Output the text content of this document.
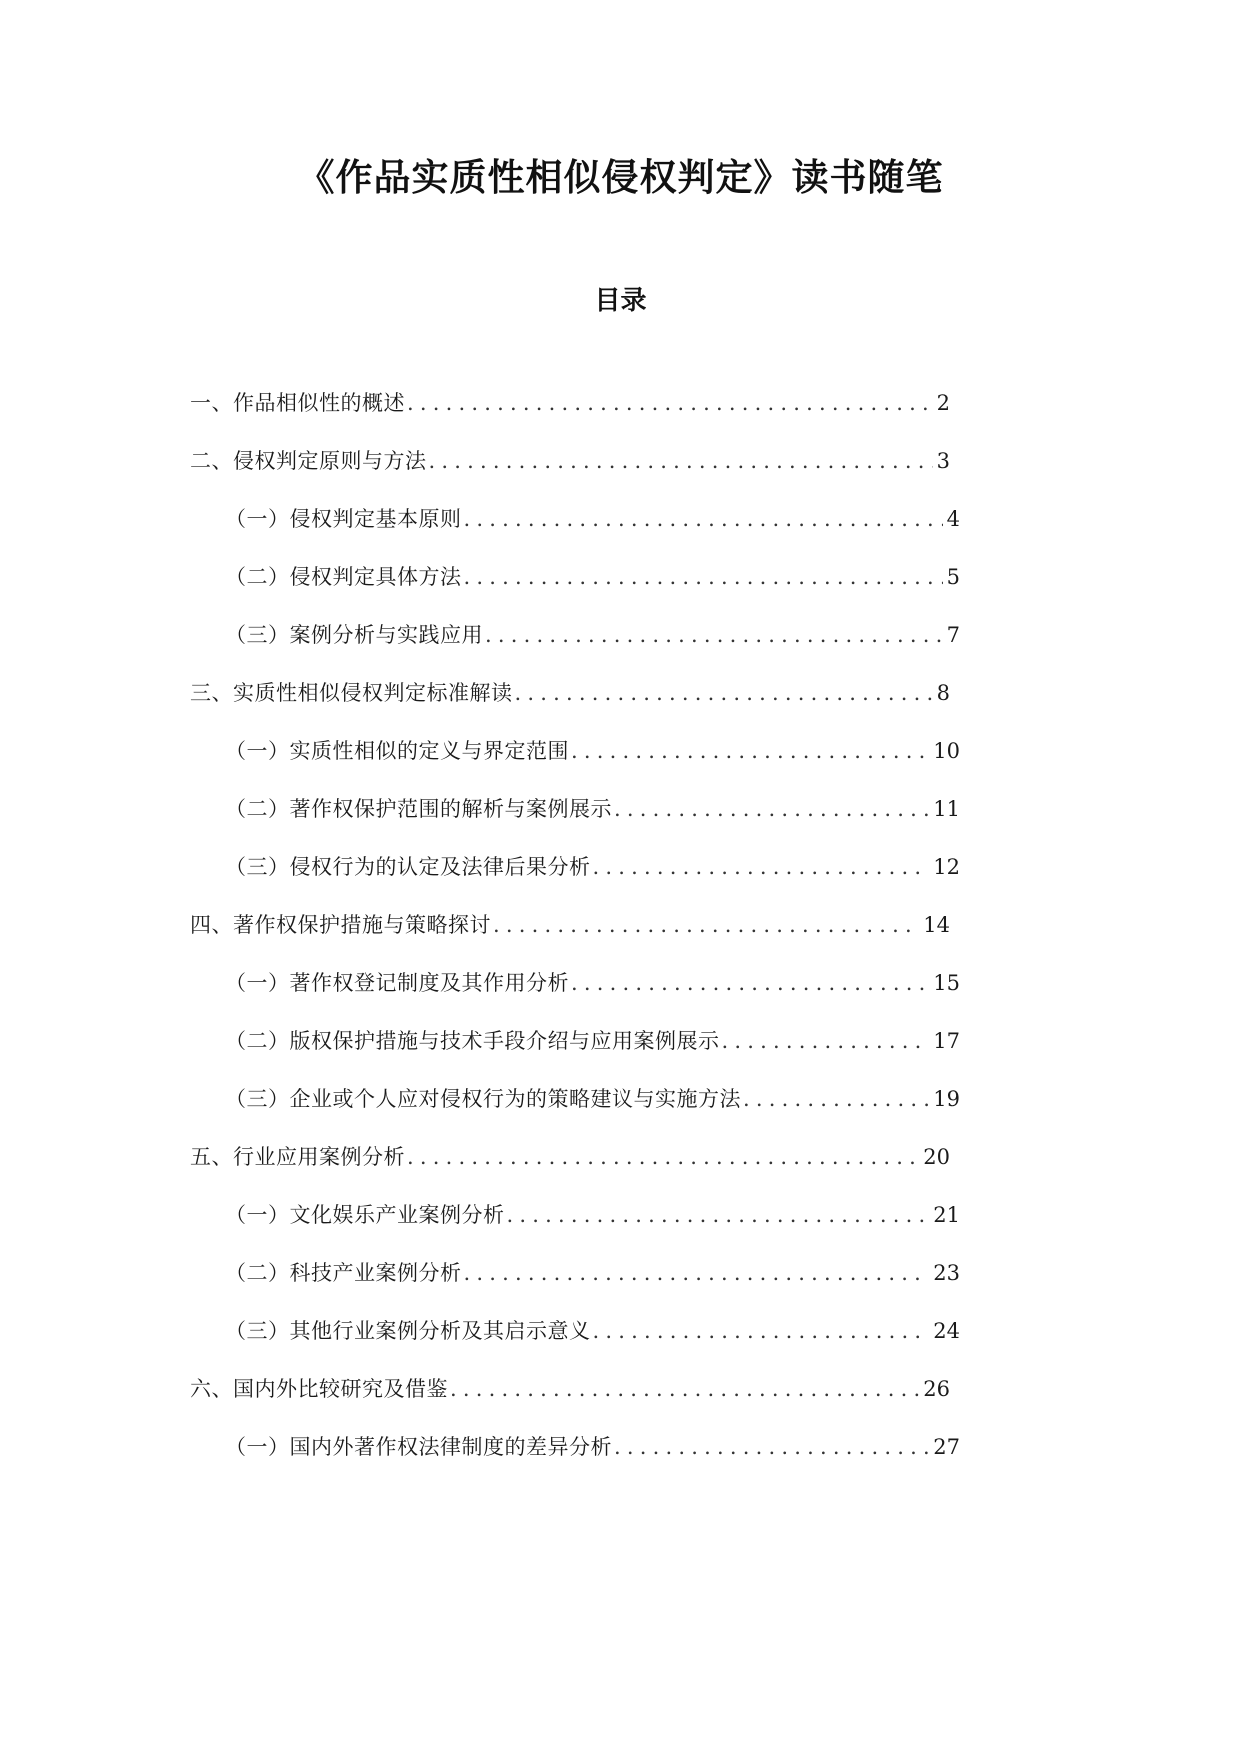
《作品实质性相似侵权判定》读书随笔
目录
一、作品相似性的概述 .....	2
二、侵权判定原则与方法 .....	3
（一）侵权判定基本原则 .....	4
（二）侵权判定具体方法 .....	5
（三）案例分析与实践应用 .....	7
三、实质性相似侵权判定标准解读 .....	8
（一）实质性相似的定义与界定范围 .....	10
（二）著作权保护范围的解析与案例展示 .....	11
（三）侵权行为的认定及法律后果分析 .....	12
四、著作权保护措施与策略探讨 .....	14
（一）著作权登记制度及其作用分析 .....	15
（二）版权保护措施与技术手段介绍与应用案例展示 .....	17
（三）企业或个人应对侵权行为的策略建议与实施方法 .....	19
五、行业应用案例分析 .....	20
（一）文化娱乐产业案例分析 .....	21
（二）科技产业案例分析 .....	23
（三）其他行业案例分析及其启示意义 .....	24
六、国内外比较研究及借鉴 .....	26
（一）国内外著作权法律制度的差异分析 .....	27
